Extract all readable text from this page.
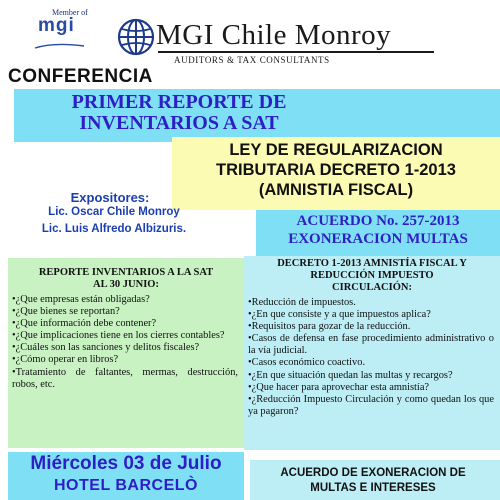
Member of
mgi	MGI Chile Monroy
AUDITORS & TAX CONSULTANTS
CONFERENCIA
PRIMER REPORTE DE
INVENTARIOS A SAT
LEY DE REGULARIZACION
TRIBUTARIA DECRETO 1-2013
(AMNISTIA FISCAL)
Expositores:
Lic. Oscar Chile Monroy
Lic. Luis Alfredo Albizuris.	ACUERDO No. 257-2013
EXONERACION MULTAS
REPORTE INVENTARIOS A LA SAT
AL 30 JUNIO:
•¿Que empresas están obligadas?
•¿Que bienes se reportan?
•¿Que información debe contener?
•¿Que implicaciones tiene en los cierres contables?
•¿Cuáles son las sanciones y delitos fiscales?
•¿Cómo operar en libros?
•Tratamiento de faltantes, mermas, destrucción, robos, etc.
DECRETO 1-2013 AMNISTÍA FISCAL Y
REDUCCIÓN IMPUESTO
CIRCULACIÓN:
•Reducción de impuestos.
•¿En que consiste y a que impuestos aplica?
•Requisitos para gozar de la reducción.
•Casos de defensa en fase procedimiento administrativo o la vía judicial.
•Casos económico coactivo.
•¿En que situación quedan las multas y recargos?
•¿Que hacer para aprovechar esta amnistía?
•¿Reducción Impuesto Circulación y como quedan los que ya pagaron?
Miércoles 03 de Julio
HOTEL BARCELÒ
ACUERDO DE EXONERACION DE
MULTAS E INTERESES
